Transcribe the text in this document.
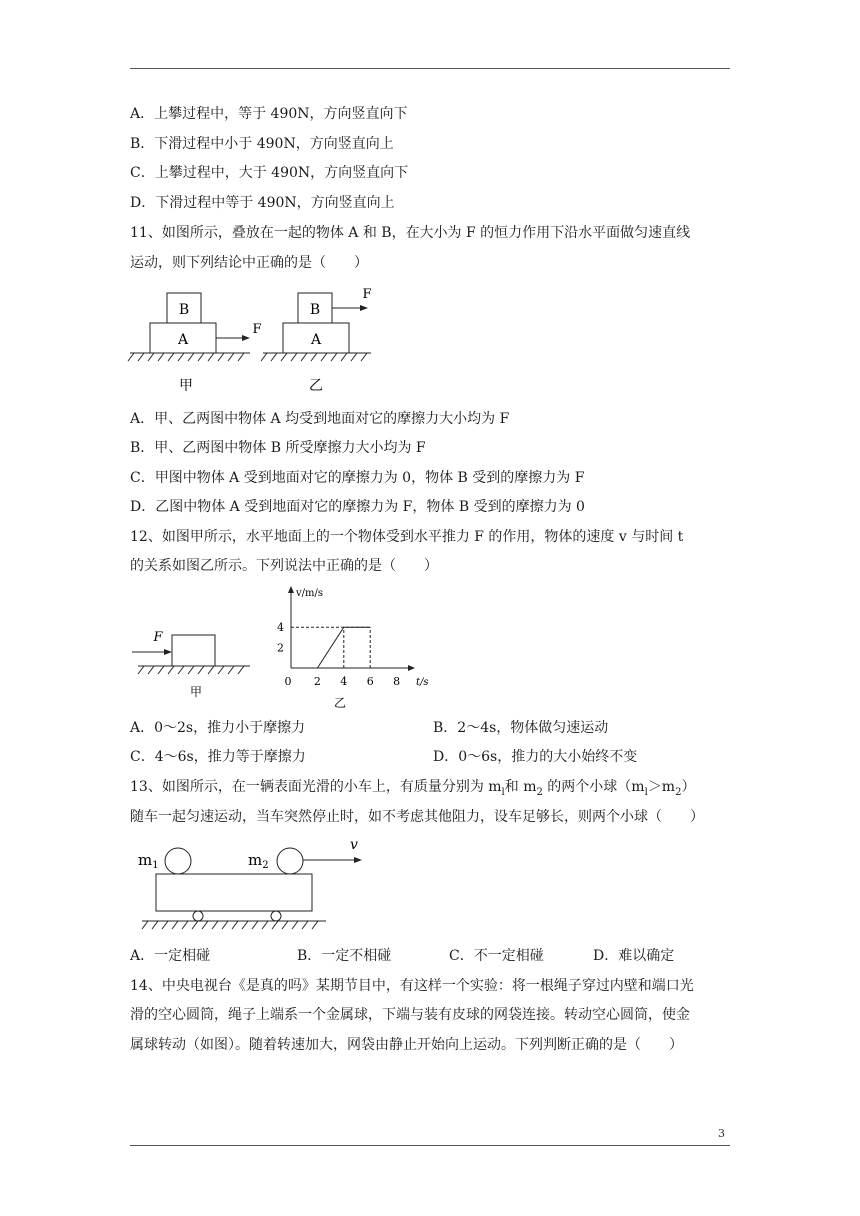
A．上攀过程中，等于 490N，方向竖直向下
B．下滑过程中小于 490N，方向竖直向上
C．上攀过程中，大于 490N，方向竖直向下
D．下滑过程中等于 490N，方向竖直向上
11、如图所示，叠放在一起的物体 A 和 B，在大小为 F 的恒力作用下沿水平面做匀速直线
运动，则下列结论中正确的是（　　）
B
A
F
甲
B
A
F
乙
A．甲、乙两图中物体 A 均受到地面对它的摩擦力大小均为 F
B．甲、乙两图中物体 B 所受摩擦力大小均为 F
C．甲图中物体 A 受到地面对它的摩擦力为 0，物体 B 受到的摩擦力为 F
D．乙图中物体 A 受到地面对它的摩擦力为 F，物体 B 受到的摩擦力为 0
12、如图甲所示，水平地面上的一个物体受到水平推力 F 的作用，物体的速度 v 与时间 t
的关系如图乙所示。下列说法中正确的是（　　）
F
甲
v/m/s
t/s
0 2 4 6 8
2
4
乙
A．0～2s，推力小于摩擦力	B．2～4s，物体做匀速运动
C．4～6s，推力等于摩擦力	D．0～6s，推力的大小始终不变
13、如图所示，在一辆表面光滑的小车上，有质量分别为 $m_l$和 $m_2$ 的两个小球$(m_l>m_2)$
随车一起匀速运动，当车突然停止时，如不考虑其他阻力，设车足够长，则两个小球（　　）
$m_1$	$m_2$
v
A．一定相碰	B．一定不相碰	C．不一定相碰	D．难以确定
14、中央电视台《是真的吗》某期节目中，有这样一个实验：将一根绳子穿过内壁和端口光
滑的空心圆筒，绳子上端系一个金属球，下端与装有皮球的网袋连接。转动空心圆筒，使金
属球转动（如图）。随着转速加大，网袋由静止开始向上运动。下列判断正确的是（　　）
3
